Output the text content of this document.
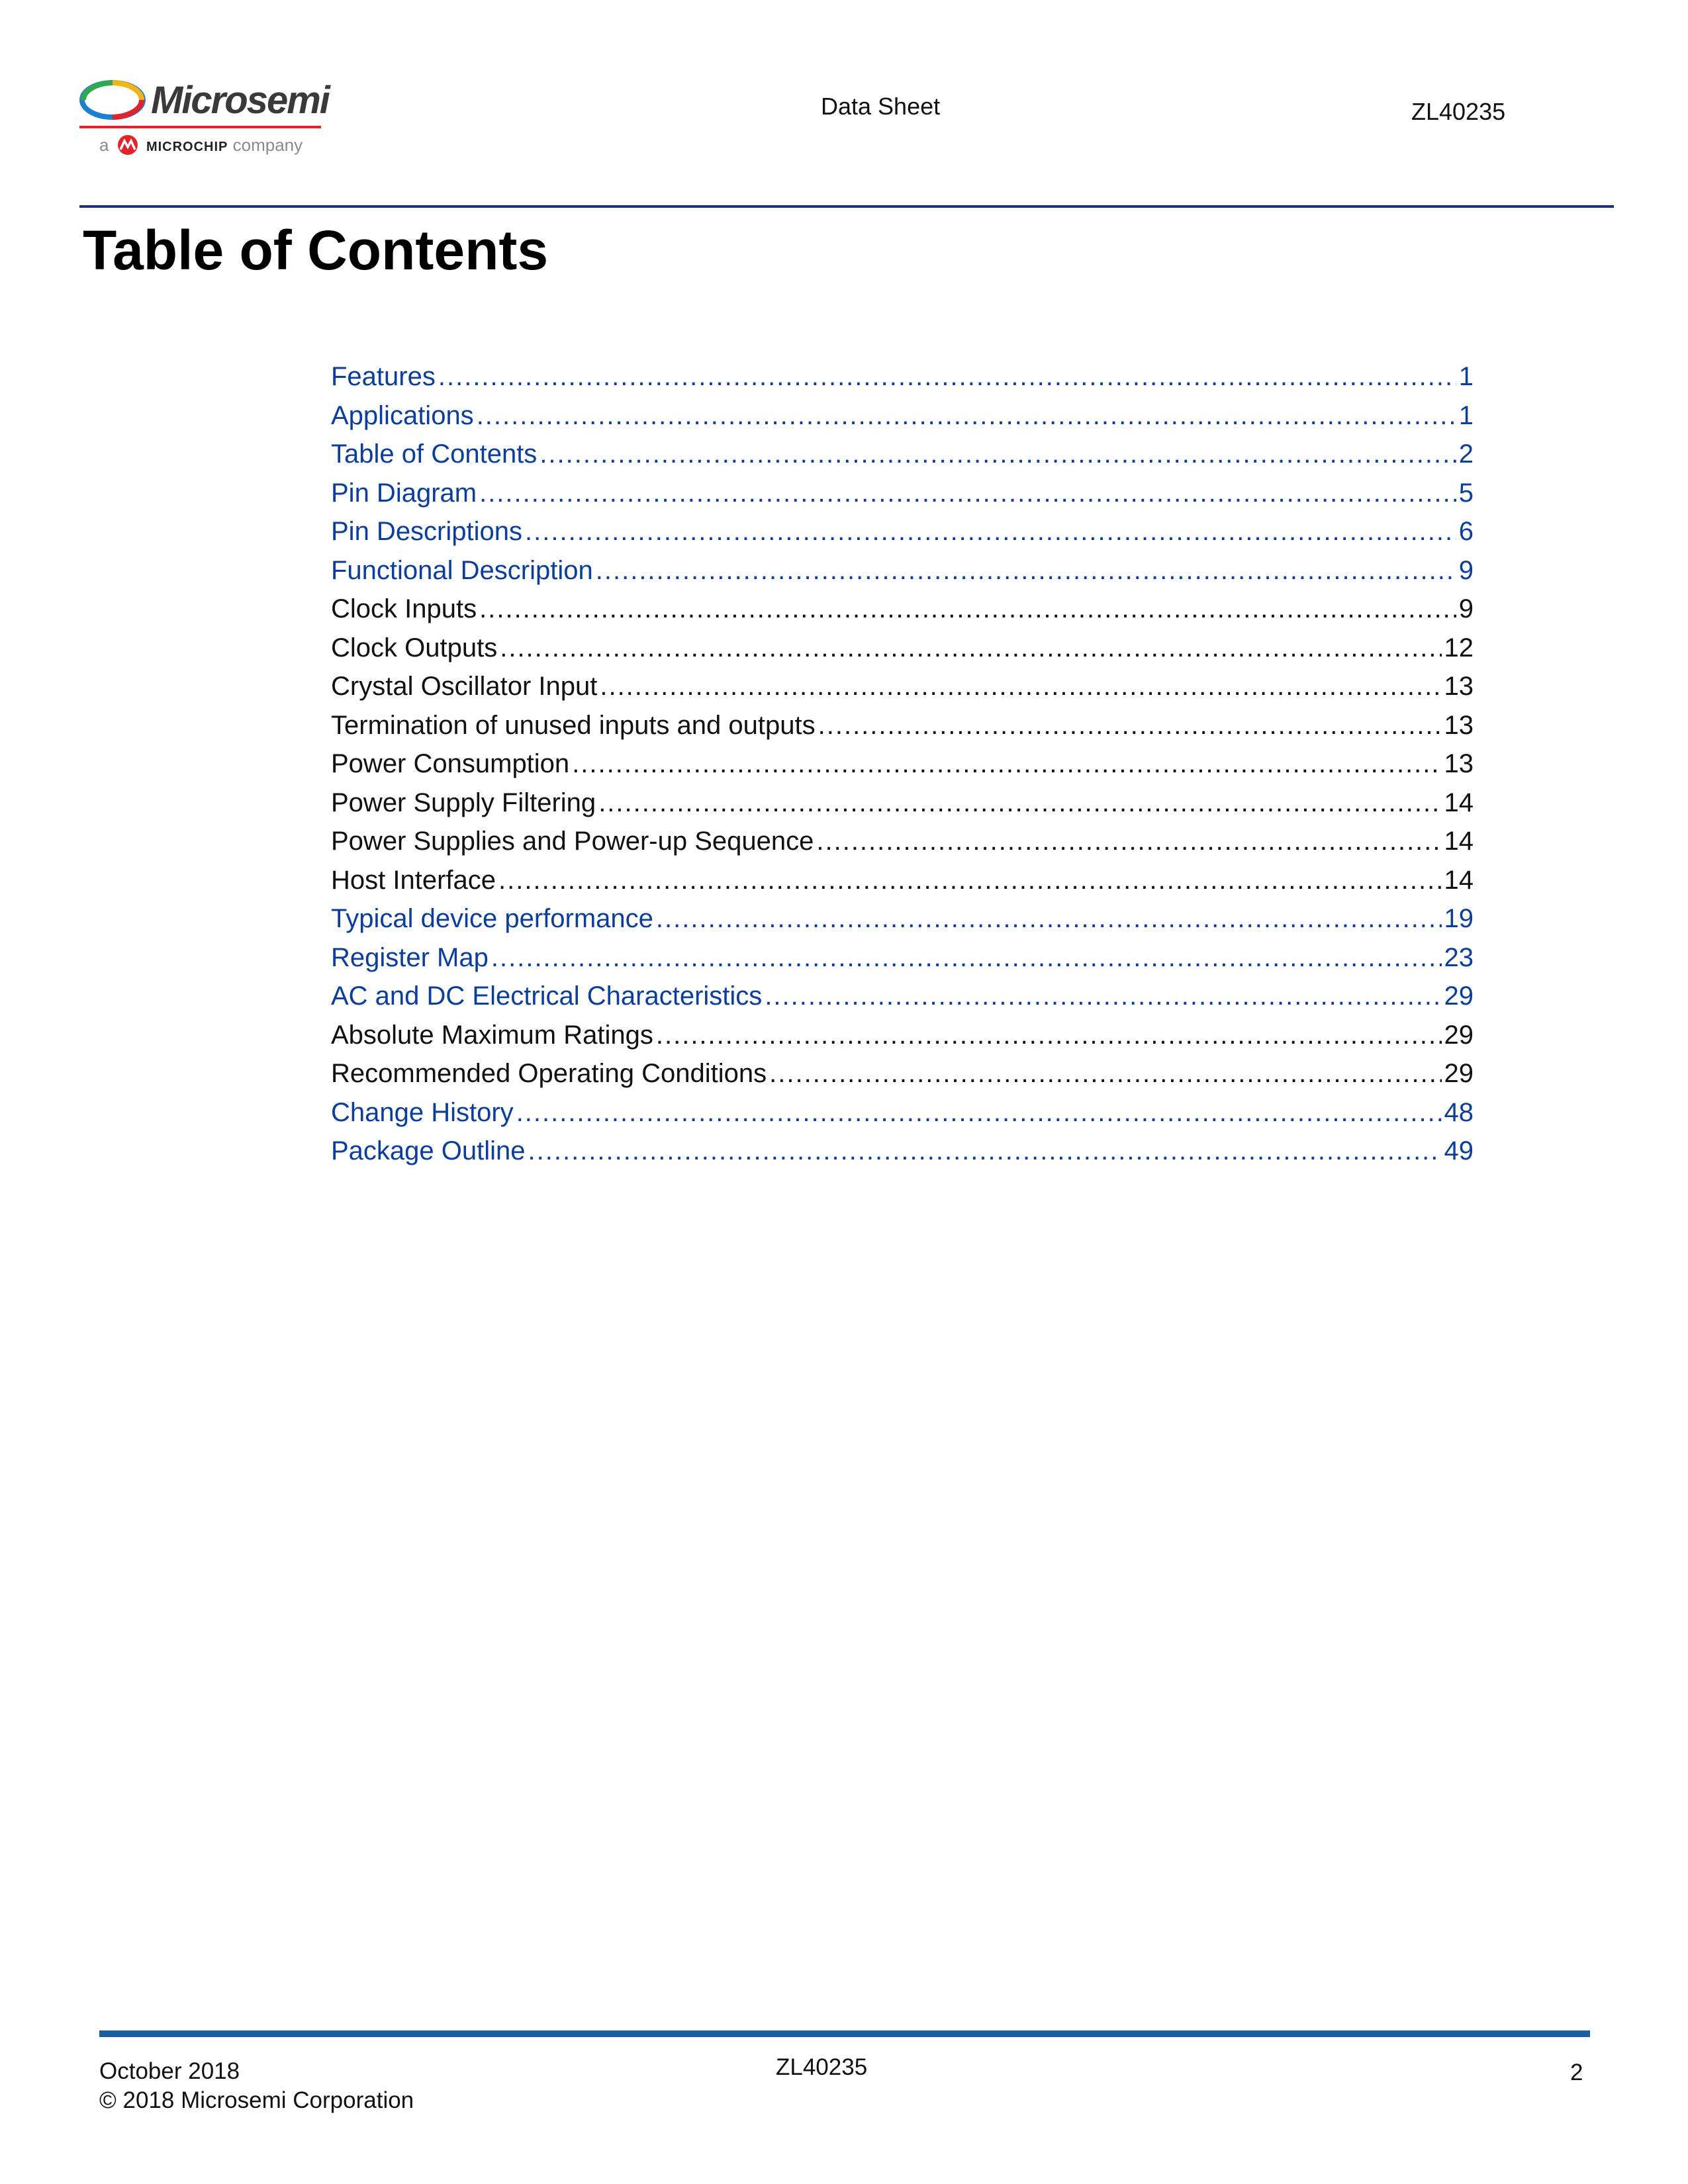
Microsemi
a	MICROCHIP company
Data Sheet	ZL40235
Table of Contents
Features .....	1
Applications .....	1
Table of Contents .....	2
Pin Diagram .....	5
Pin Descriptions .....	6
Functional Description .....	9
Clock Inputs .....	9
Clock Outputs .....	12
Crystal Oscillator Input .....	13
Termination of unused inputs and outputs .....	13
Power Consumption .....	13
Power Supply Filtering .....	14
Power Supplies and Power-up Sequence .....	14
Host Interface .....	14
Typical device performance .....	19
Register Map .....	23
AC and DC Electrical Characteristics .....	29
Absolute Maximum Ratings .....	29
Recommended Operating Conditions .....	29
Change History .....	48
Package Outline .....	49
October 2018
© 2018 Microsemi Corporation
ZL40235	2
